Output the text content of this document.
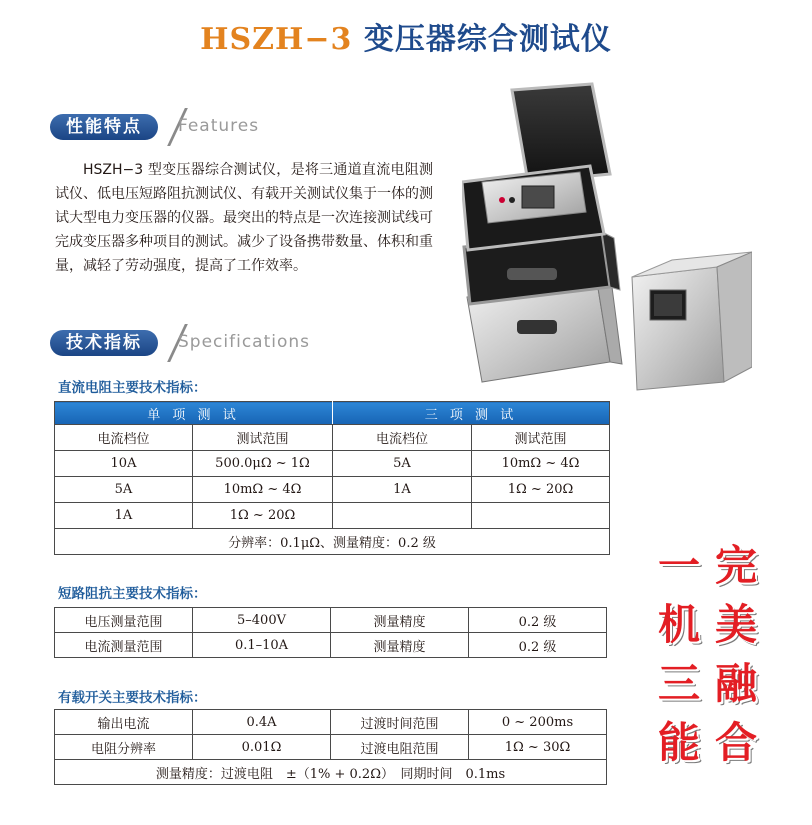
HSZH−3 变压器综合测试仪
性能特点	Features
HSZH−3 型变压器综合测试仪，是将三通道直流电阻测试仪、低电压短路阻抗测试仪、有载开关测试仪集于一体的测试大型电力变压器的仪器。最突出的特点是一次连接测试线可完成变压器多种项目的测试。减少了设备携带数量、体积和重量，减轻了劳动强度，提高了工作效率。
技术指标	Specifications
直流电阻主要技术指标：
单 项 测 试		三 项 测 试	
电流档位	测试范围	电流档位	测试范围
10A	500.0μΩ ~ 1Ω	5A	10mΩ ~ 4Ω
5A	10mΩ ~ 4Ω	1A	1Ω ~ 20Ω
1A	1Ω ~ 20Ω		
分辨率：0.1μΩ、测量精度：0.2 级			
短路阻抗主要技术指标：
电压测量范围	5–400V	测量精度	0.2 级
电流测量范围	0.1–10A	测量精度	0.2 级
有载开关主要技术指标：
输出电流	0.4A	过渡时间范围	0 ~ 200ms
电阻分辨率	0.01Ω	过渡电阻范围	1Ω ~ 30Ω
测量精度：过渡电阻　±（1% + 0.2Ω）　同期时间　0.1ms			
一
机
三
能
完
美
融
合
